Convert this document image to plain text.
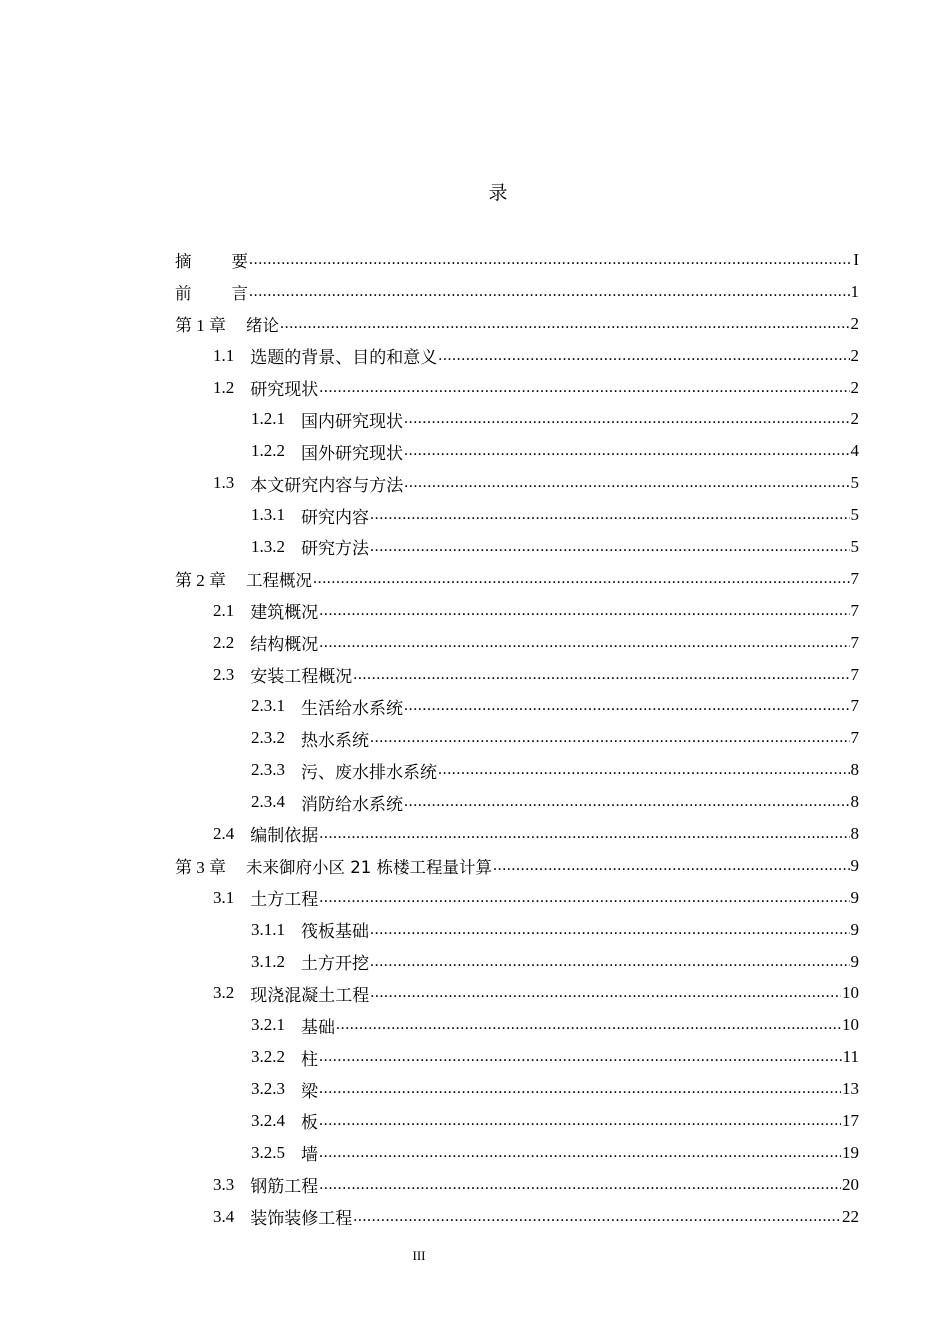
录
摘要 .....	I
前言 .....	1
第 1 章 绪论 .....	2
1.1 选题的背景、目的和意义 .....	2
1.2 研究现状 .....	2
1.2.1 国内研究现状 .....	2
1.2.2 国外研究现状 .....	4
1.3 本文研究内容与方法 .....	5
1.3.1 研究内容 .....	5
1.3.2 研究方法 .....	5
第 2 章 工程概况 .....	7
2.1 建筑概况 .....	7
2.2 结构概况 .....	7
2.3 安装工程概况 .....	7
2.3.1 生活给水系统 .....	7
2.3.2 热水系统 .....	7
2.3.3 污、废水排水系统 .....	8
2.3.4 消防给水系统 .....	8
2.4 编制依据 .....	8
第 3 章 未来御府小区 21 栋楼工程量计算 .....	9
3.1 土方工程 .....	9
3.1.1 筏板基础 .....	9
3.1.2 土方开挖 .....	9
3.2 现浇混凝土工程 .....	10
3.2.1 基础 .....	10
3.2.2 柱 .....	11
3.2.3 梁 .....	13
3.2.4 板 .....	17
3.2.5 墙 .....	19
3.3 钢筋工程 .....	20
3.4 装饰装修工程 .....	22
III
